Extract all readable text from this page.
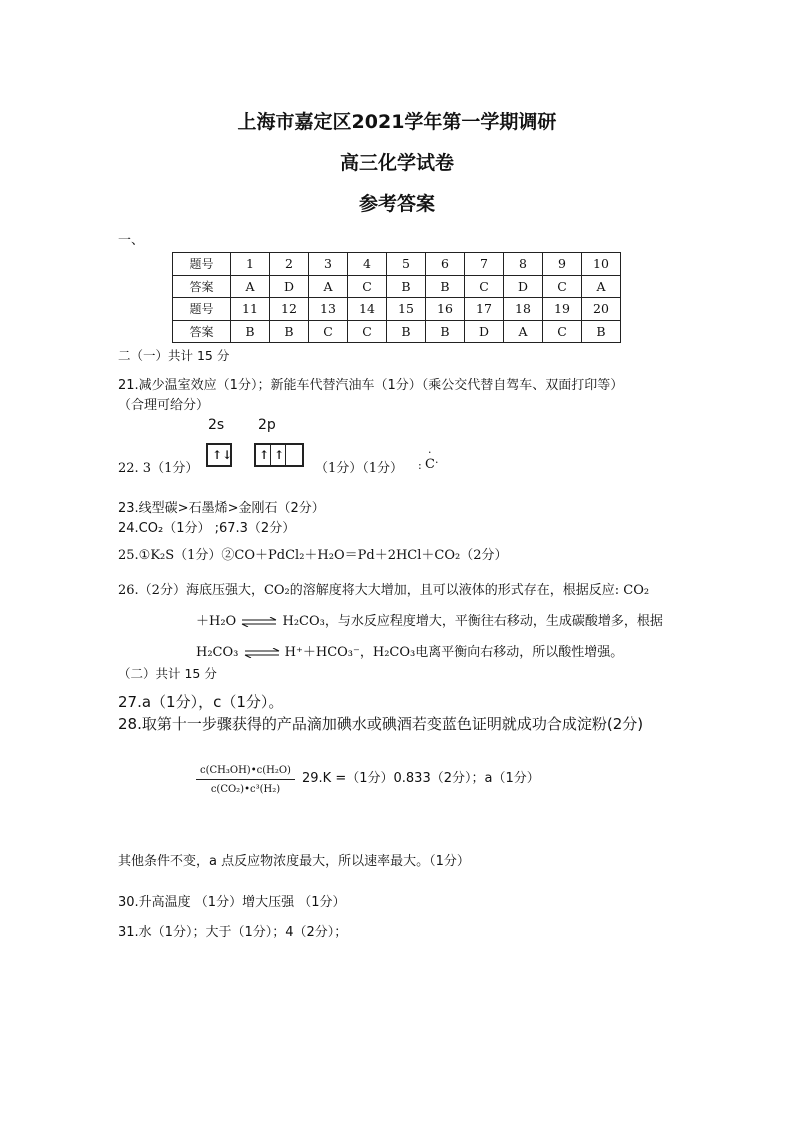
上海市嘉定区2021学年第一学期调研
高三化学试卷
参考答案
一、
题号	1	2	3	4	5	6	7	8	9	10
答案	A	D	A	C	B	B	C	D	C	A
题号	11	12	13	14	15	16	17	18	19	20
答案	B	B	C	C	B	B	D	A	C	B
二（一）共计 15 分
21.减少温室效应（1分）；新能车代替汽油车（1分）（乘公交代替自驾车、双面打印等）
（合理可给分）
2s 2p
↑↓ ↑ ↑
22. 3（1分）	（1分）（1分） :
·
C ·
23.线型碳>石墨烯>金刚石（2分）
24.CO₂（1分） ;67.3（2分）
25.①K₂S（1分）②CO＋PdCl₂＋H₂O＝Pd＋2HCl＋CO₂（2分）
26.（2分）海底压强大，CO₂的溶解度将大大增加，且可以液体的形式存在，根据反应: CO₂
＋H₂O ⇌ H₂CO₃，与水反应程度增大，平衡往右移动，生成碳酸增多，根据
H₂CO₃ ⇌ H⁺＋HCO₃⁻，H₂CO₃电离平衡向右移动，所以酸性增强。
（二）共计 15 分
27.a（1分），c（1分）。
28.取第十一步骤获得的产品滴加碘水或碘酒若变蓝色证明就成功合成淀粉(2分)
$\frac{\text{c(CH₃OH)•c(H₂O)}}{\text{c(CO₂)•c³(H₂)}} 29.K =(1$分）0.833（2分）；a（1分）
其他条件不变，a 点反应物浓度最大，所以速率最大。（1分）
30.升高温度 （1分）增大压强 （1分）
31.水（1分）；大于（1分）；4（2分）；
